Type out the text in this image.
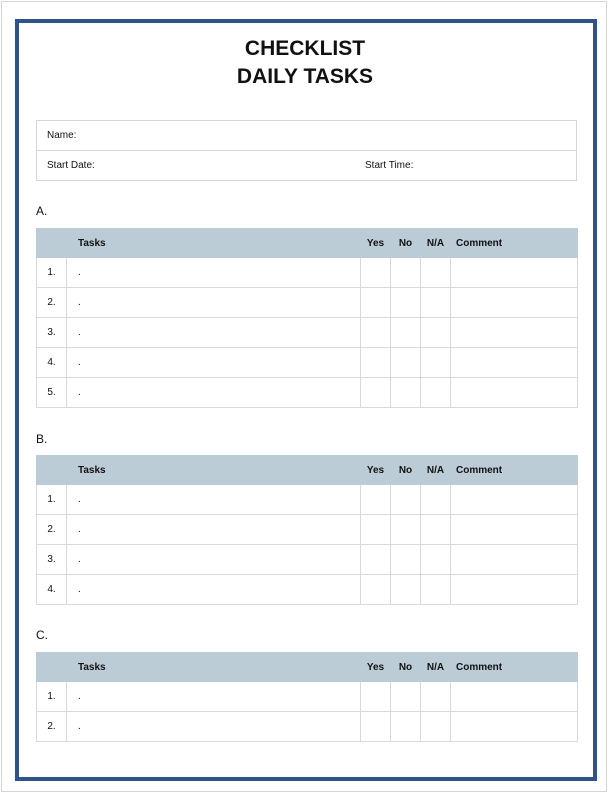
CHECKLIST
DAILY TASKS
Name:
Start Date:	Start Time:
A.
	Tasks	Yes	No	N/A	Comment
1.	.				
2.	.				
3.	.				
4.	.				
5.	.				
B.
	Tasks	Yes	No	N/A	Comment
1.	.				
2.	.				
3.	.				
4.	.				
C.
	Tasks	Yes	No	N/A	Comment
1.	.				
2.	.				
